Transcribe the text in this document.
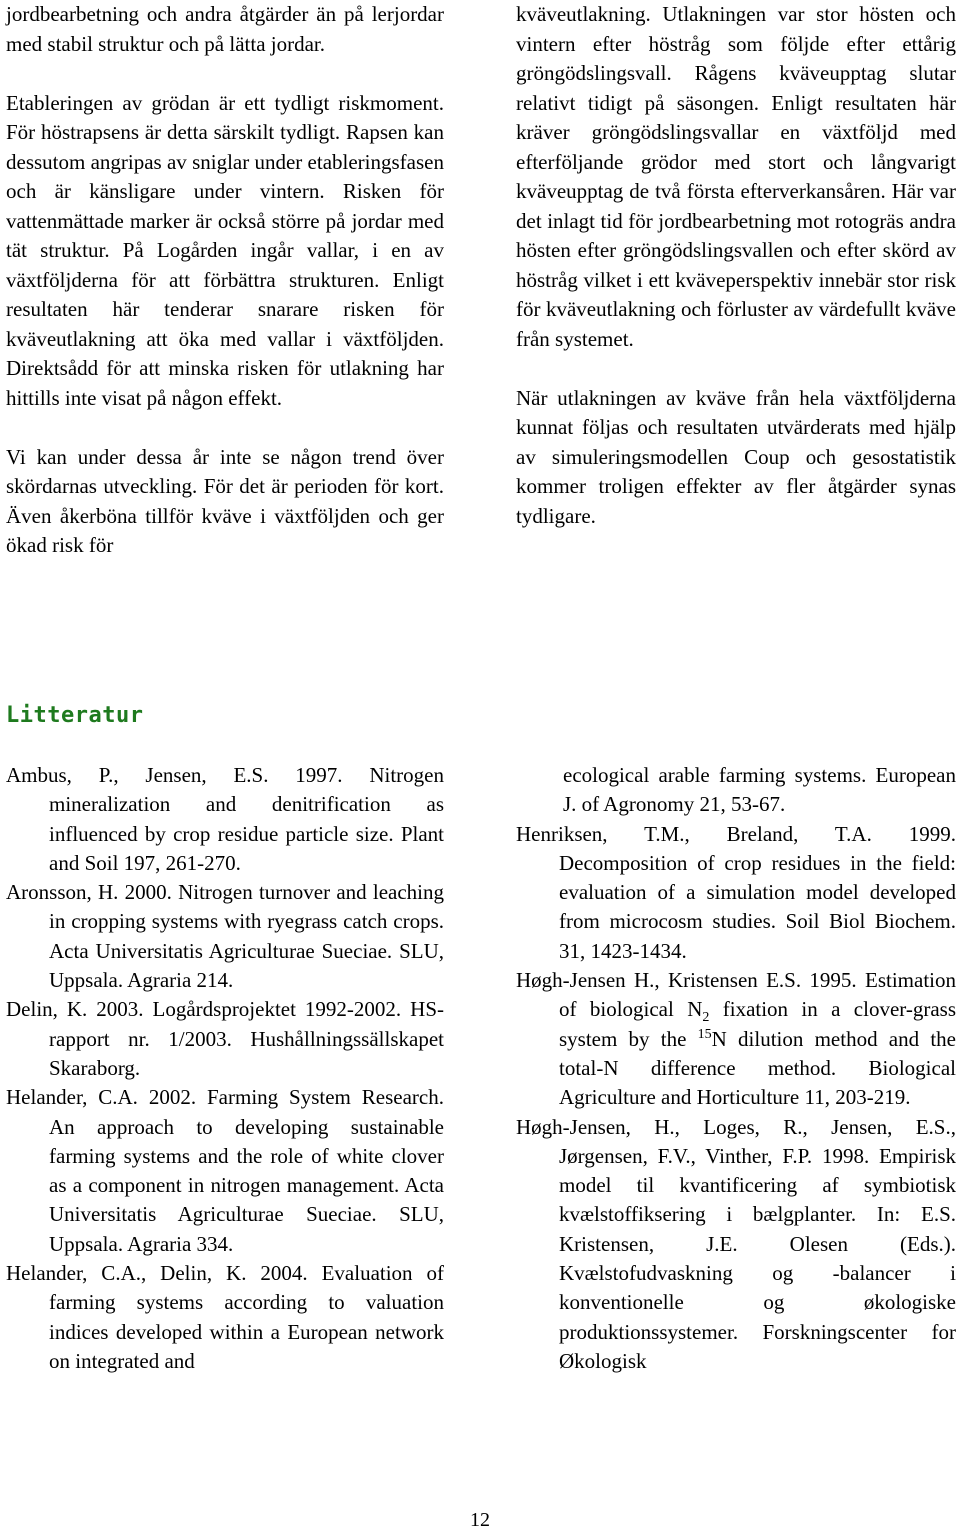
jordbearbetning och andra åtgärder än på lerjordar med stabil struktur och på lätta jordar.

Etableringen av grödan är ett tydligt riskmoment. För höstrapsens är detta särskilt tydligt. Rapsen kan dessutom angripas av sniglar under etableringsfasen och är känsligare under vintern. Risken för vattenmättade marker är också större på jordar med tät struktur. På Logården ingår vallar, i en av växtföljderna för att förbättra strukturen. Enligt resultaten här tenderar snarare risken för kväveutlakning att öka med vallar i växtföljden. Direktsådd för att minska risken för utlakning har hittills inte visat på någon effekt.

Vi kan under dessa år inte se någon trend över skördarnas utveckling. För det är perioden för kort. Även åkerböna tillför kväve i växtföljden och ger ökad risk för

kväveutlakning. Utlakningen var stor hösten och vintern efter höstråg som följde efter ettårig gröngödslingsvall. Rågens kväveupptag slutar relativt tidigt på säsongen. Enligt resultaten här kräver gröngödslingsvallar en växtföljd med efterföljande grödor med stort och långvarigt kväveupptag de två första efterverkansåren. Här var det inlagt tid för jordbearbetning mot rotogräs andra hösten efter gröngödslingsvallen och efter skörd av höstråg vilket i ett kväveperspektiv innebär stor risk för kväveutlakning och förluster av värdefullt kväve från systemet.

När utlakningen av kväve från hela växtföljderna kunnat följas och resultaten utvärderats med hjälp av simuleringsmodellen Coup och gesostatistik kommer troligen effekter av fler åtgärder synas tydligare.

Litteratur

Ambus, P., Jensen, E.S. 1997. Nitrogen mineralization and denitrification as influenced by crop residue particle size. Plant and Soil 197, 261-270.

Aronsson, H. 2000. Nitrogen turnover and leaching in cropping systems with ryegrass catch crops. Acta Universitatis Agriculturae Sueciae. SLU, Uppsala. Agraria 214.

Delin, K. 2003. Logårdsprojektet 1992-2002. HS-rapport nr. 1/2003. Hushållningssällskapet Skaraborg.

Helander, C.A. 2002. Farming System Research. An approach to developing sustainable farming systems and the role of white clover as a component in nitrogen management. Acta Universitatis Agriculturae Sueciae. SLU, Uppsala. Agraria 334.

Helander, C.A., Delin, K. 2004. Evaluation of farming systems according to valuation indices developed within a European network on integrated and

ecological arable farming systems. European J. of Agronomy 21, 53-67.

Henriksen, T.M., Breland, T.A. 1999. Decomposition of crop residues in the field: evaluation of a simulation model developed from microcosm studies. Soil Biol Biochem. 31, 1423-1434.

Høgh-Jensen H., Kristensen E.S. 1995. Estimation of biological $N_2$ fixation in a clover-grass system by the $^{15}$N dilution method and the total-N difference method. Biological Agriculture and Horticulture 11, 203-219.

Høgh-Jensen, H., Loges, R., Jensen, E.S., Jørgensen, F.V., Vinther, F.P. 1998. Empirisk model til kvantificering af symbiotisk kvælstoffiksering i bælgplanter. In: E.S. Kristensen, J.E. Olesen (Eds.). Kvælstofudvaskning og -balancer i konventionelle og økologiske produktionssystemer. Forskningscenter for Økologisk

12
